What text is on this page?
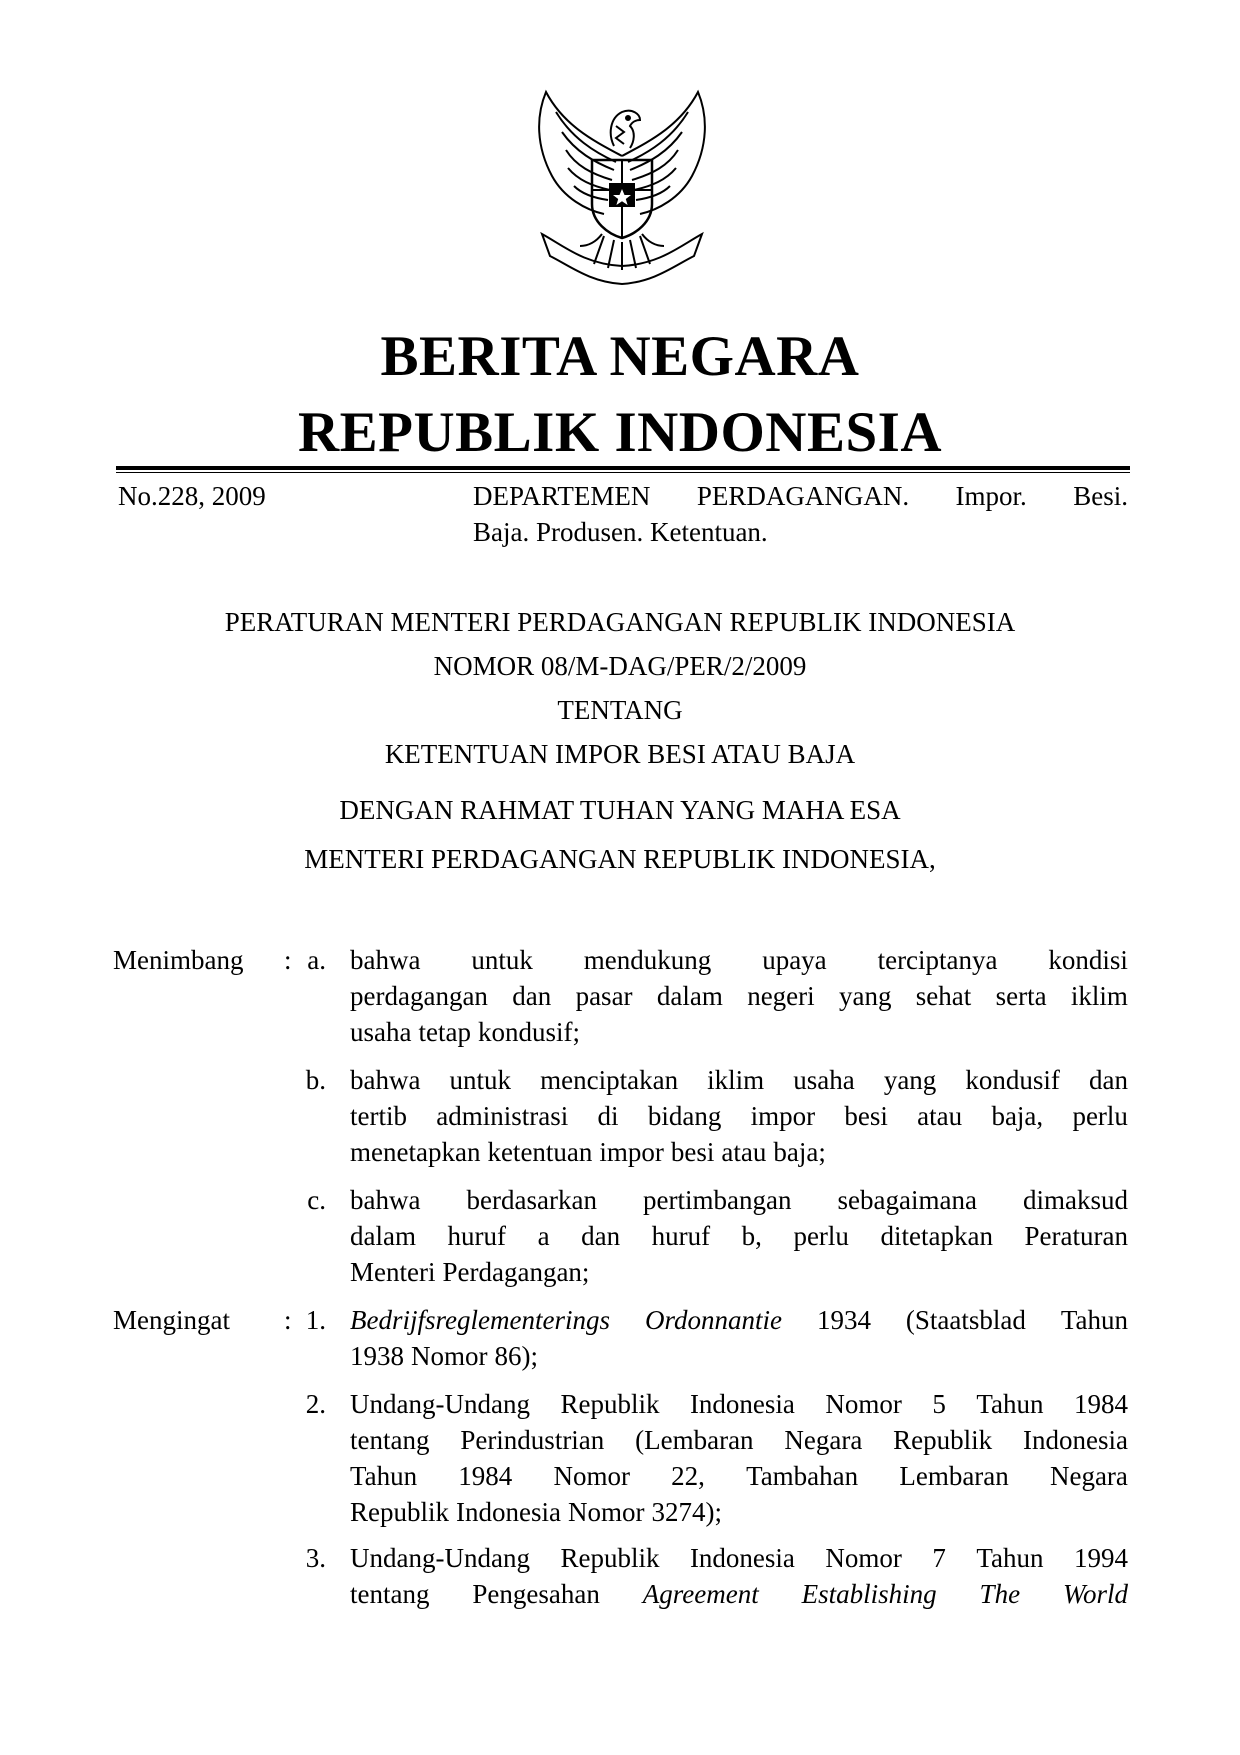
BERITA NEGARA
REPUBLIK INDONESIA
No.228, 2009	DEPARTEMEN PERDAGANGAN. Impor. Besi.
Baja. Produsen. Ketentuan.
PERATURAN MENTERI PERDAGANGAN REPUBLIK INDONESIA
NOMOR 08/M-DAG/PER/2/2009
TENTANG
KETENTUAN IMPOR BESI ATAU BAJA
DENGAN RAHMAT TUHAN YANG MAHA ESA
MENTERI PERDAGANGAN REPUBLIK INDONESIA,
Menimbang : a. bahwa untuk mendukung upaya terciptanya kondisi
perdagangan dan pasar dalam negeri yang sehat serta iklim
usaha tetap kondusif;
b. bahwa untuk menciptakan iklim usaha yang kondusif dan
tertib administrasi di bidang impor besi atau baja, perlu
menetapkan ketentuan impor besi atau baja;
c. bahwa berdasarkan pertimbangan sebagaimana dimaksud
dalam huruf a dan huruf b, perlu ditetapkan Peraturan
Menteri Perdagangan;
Mengingat : 1. Bedrijfsreglementerings Ordonnantie 1934 (Staatsblad Tahun
1938 Nomor 86);
2. Undang-Undang Republik Indonesia Nomor 5 Tahun 1984
tentang Perindustrian (Lembaran Negara Republik Indonesia
Tahun 1984 Nomor 22, Tambahan Lembaran Negara
Republik Indonesia Nomor 3274);
3. Undang-Undang Republik Indonesia Nomor 7 Tahun 1994
tentang Pengesahan Agreement Establishing The World
